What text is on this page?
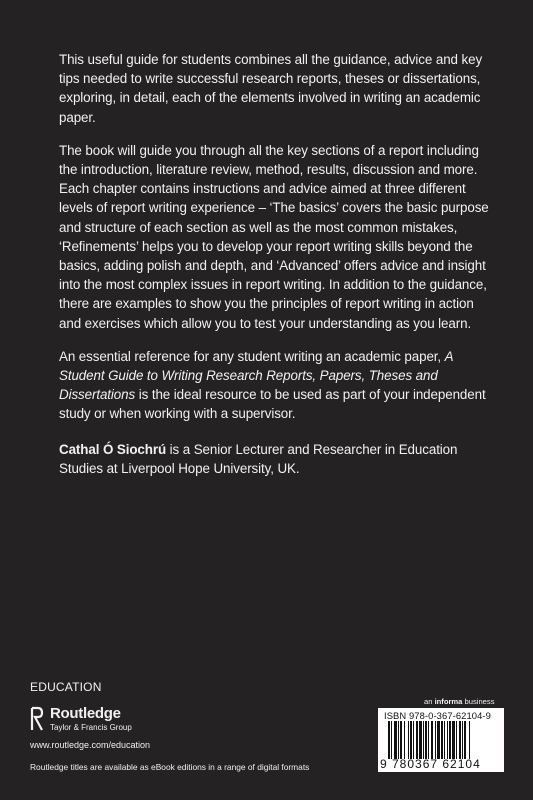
This useful guide for students combines all the guidance, advice and key tips needed to write successful research reports, theses or dissertations, exploring, in detail, each of the elements involved in writing an academic paper.

The book will guide you through all the key sections of a report including the introduction, literature review, method, results, discussion and more. Each chapter contains instructions and advice aimed at three different levels of report writing experience – ‘The basics’ covers the basic purpose and structure of each section as well as the most common mistakes, ‘Refinements’ helps you to develop your report writing skills beyond the basics, adding polish and depth, and ‘Advanced’ offers advice and insight into the most complex issues in report writing. In addition to the guidance, there are examples to show you the principles of report writing in action and exercises which allow you to test your understanding as you learn.

An essential reference for any student writing an academic paper, A Student Guide to Writing Research Reports, Papers, Theses and Dissertations is the ideal resource to be used as part of your independent study or when working with a supervisor.

Cathal Ó Siochrú is a Senior Lecturer and Researcher in Education Studies at Liverpool Hope University, UK.

EDUCATION
Routledge
Taylor & Francis Group
www.routledge.com/education
Routledge titles are available as eBook editions in a range of digital formats
an informa business
ISBN 978-0-367-62104-9
9 780367 62104
